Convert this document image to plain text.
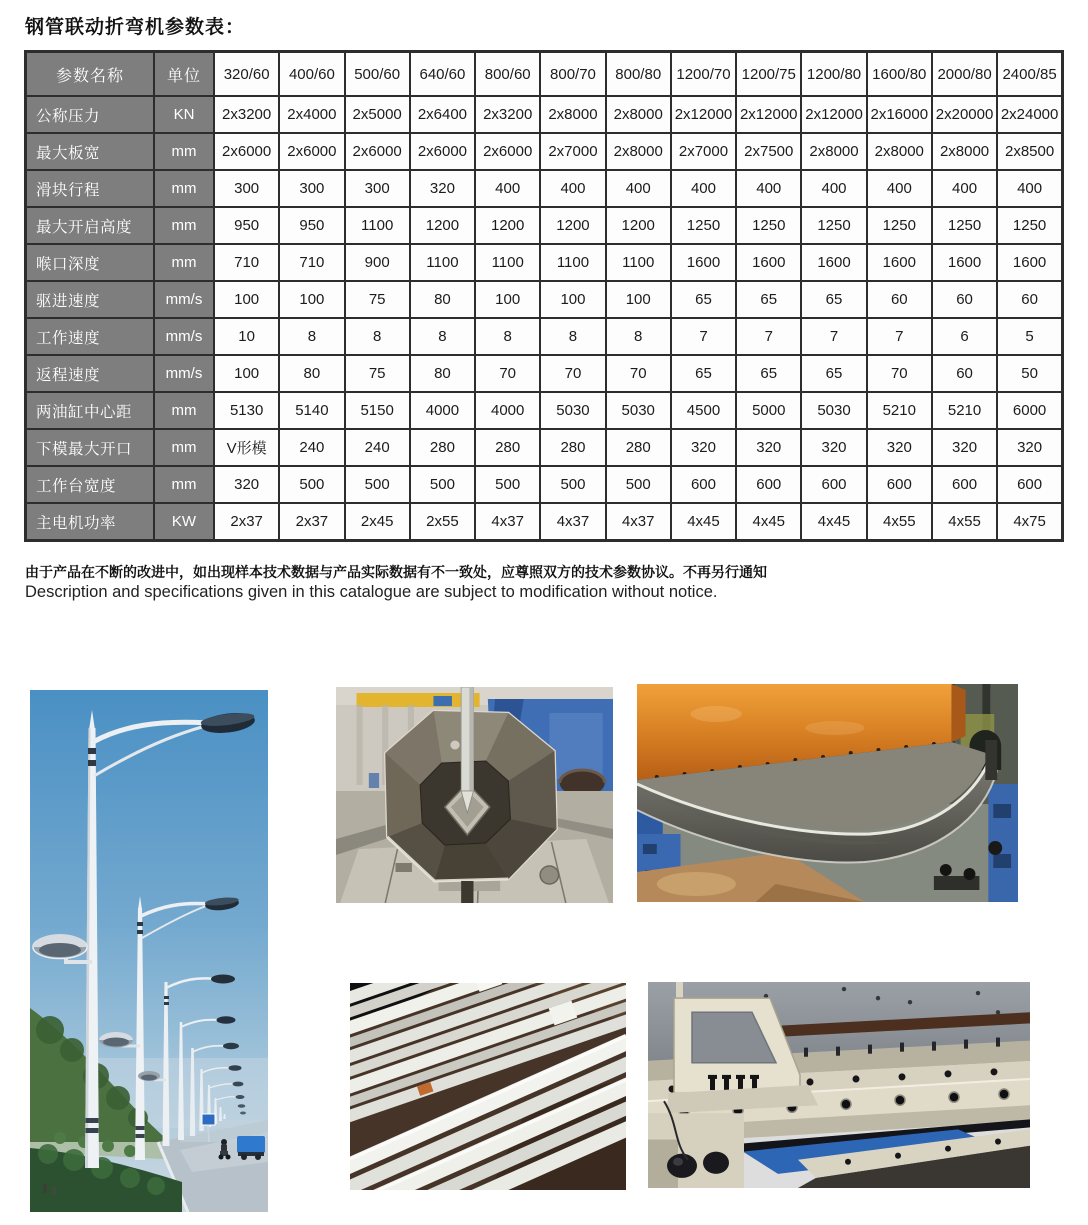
钢管联动折弯机参数表：
参数名称	单位	320/60	400/60	500/60	640/60	800/60	800/70	800/80	1200/70	1200/75	1200/80	1600/80	2000/80	2400/85
公称压力	KN	2x3200	2x4000	2x5000	2x6400	2x3200	2x8000	2x8000	2x12000	2x12000	2x12000	2x16000	2x20000	2x24000
最大板宽	mm	2x6000	2x6000	2x6000	2x6000	2x6000	2x7000	2x8000	2x7000	2x7500	2x8000	2x8000	2x8000	2x8500
滑块行程	mm	300	300	300	320	400	400	400	400	400	400	400	400	400
最大开启高度	mm	950	950	1100	1200	1200	1200	1200	1250	1250	1250	1250	1250	1250
喉口深度	mm	710	710	900	1100	1100	1100	1100	1600	1600	1600	1600	1600	1600
驱进速度	mm/s	100	100	75	80	100	100	100	65	65	65	60	60	60
工作速度	mm/s	10	8	8	8	8	8	8	7	7	7	7	6	5
返程速度	mm/s	100	80	75	80	70	70	70	65	65	65	70	60	50
两油缸中心距	mm	5130	5140	5150	4000	4000	5030	5030	4500	5000	5030	5210	5210	6000
下模最大开口	mm	V形模	240	240	280	280	280	280	320	320	320	320	320	320
工作台宽度	mm	320	500	500	500	500	500	500	600	600	600	600	600	600
主电机功率	KW	2x37	2x37	2x45	2x55	4x37	4x37	4x37	4x45	4x45	4x45	4x55	4x55	4x75

由于产品在不断的改进中，如出现样本技术数据与产品实际数据有不一致处，应尊照双方的技术参数协议。不再另行通知

Description and specifications given in this catalogue are subject to modification without notice.
